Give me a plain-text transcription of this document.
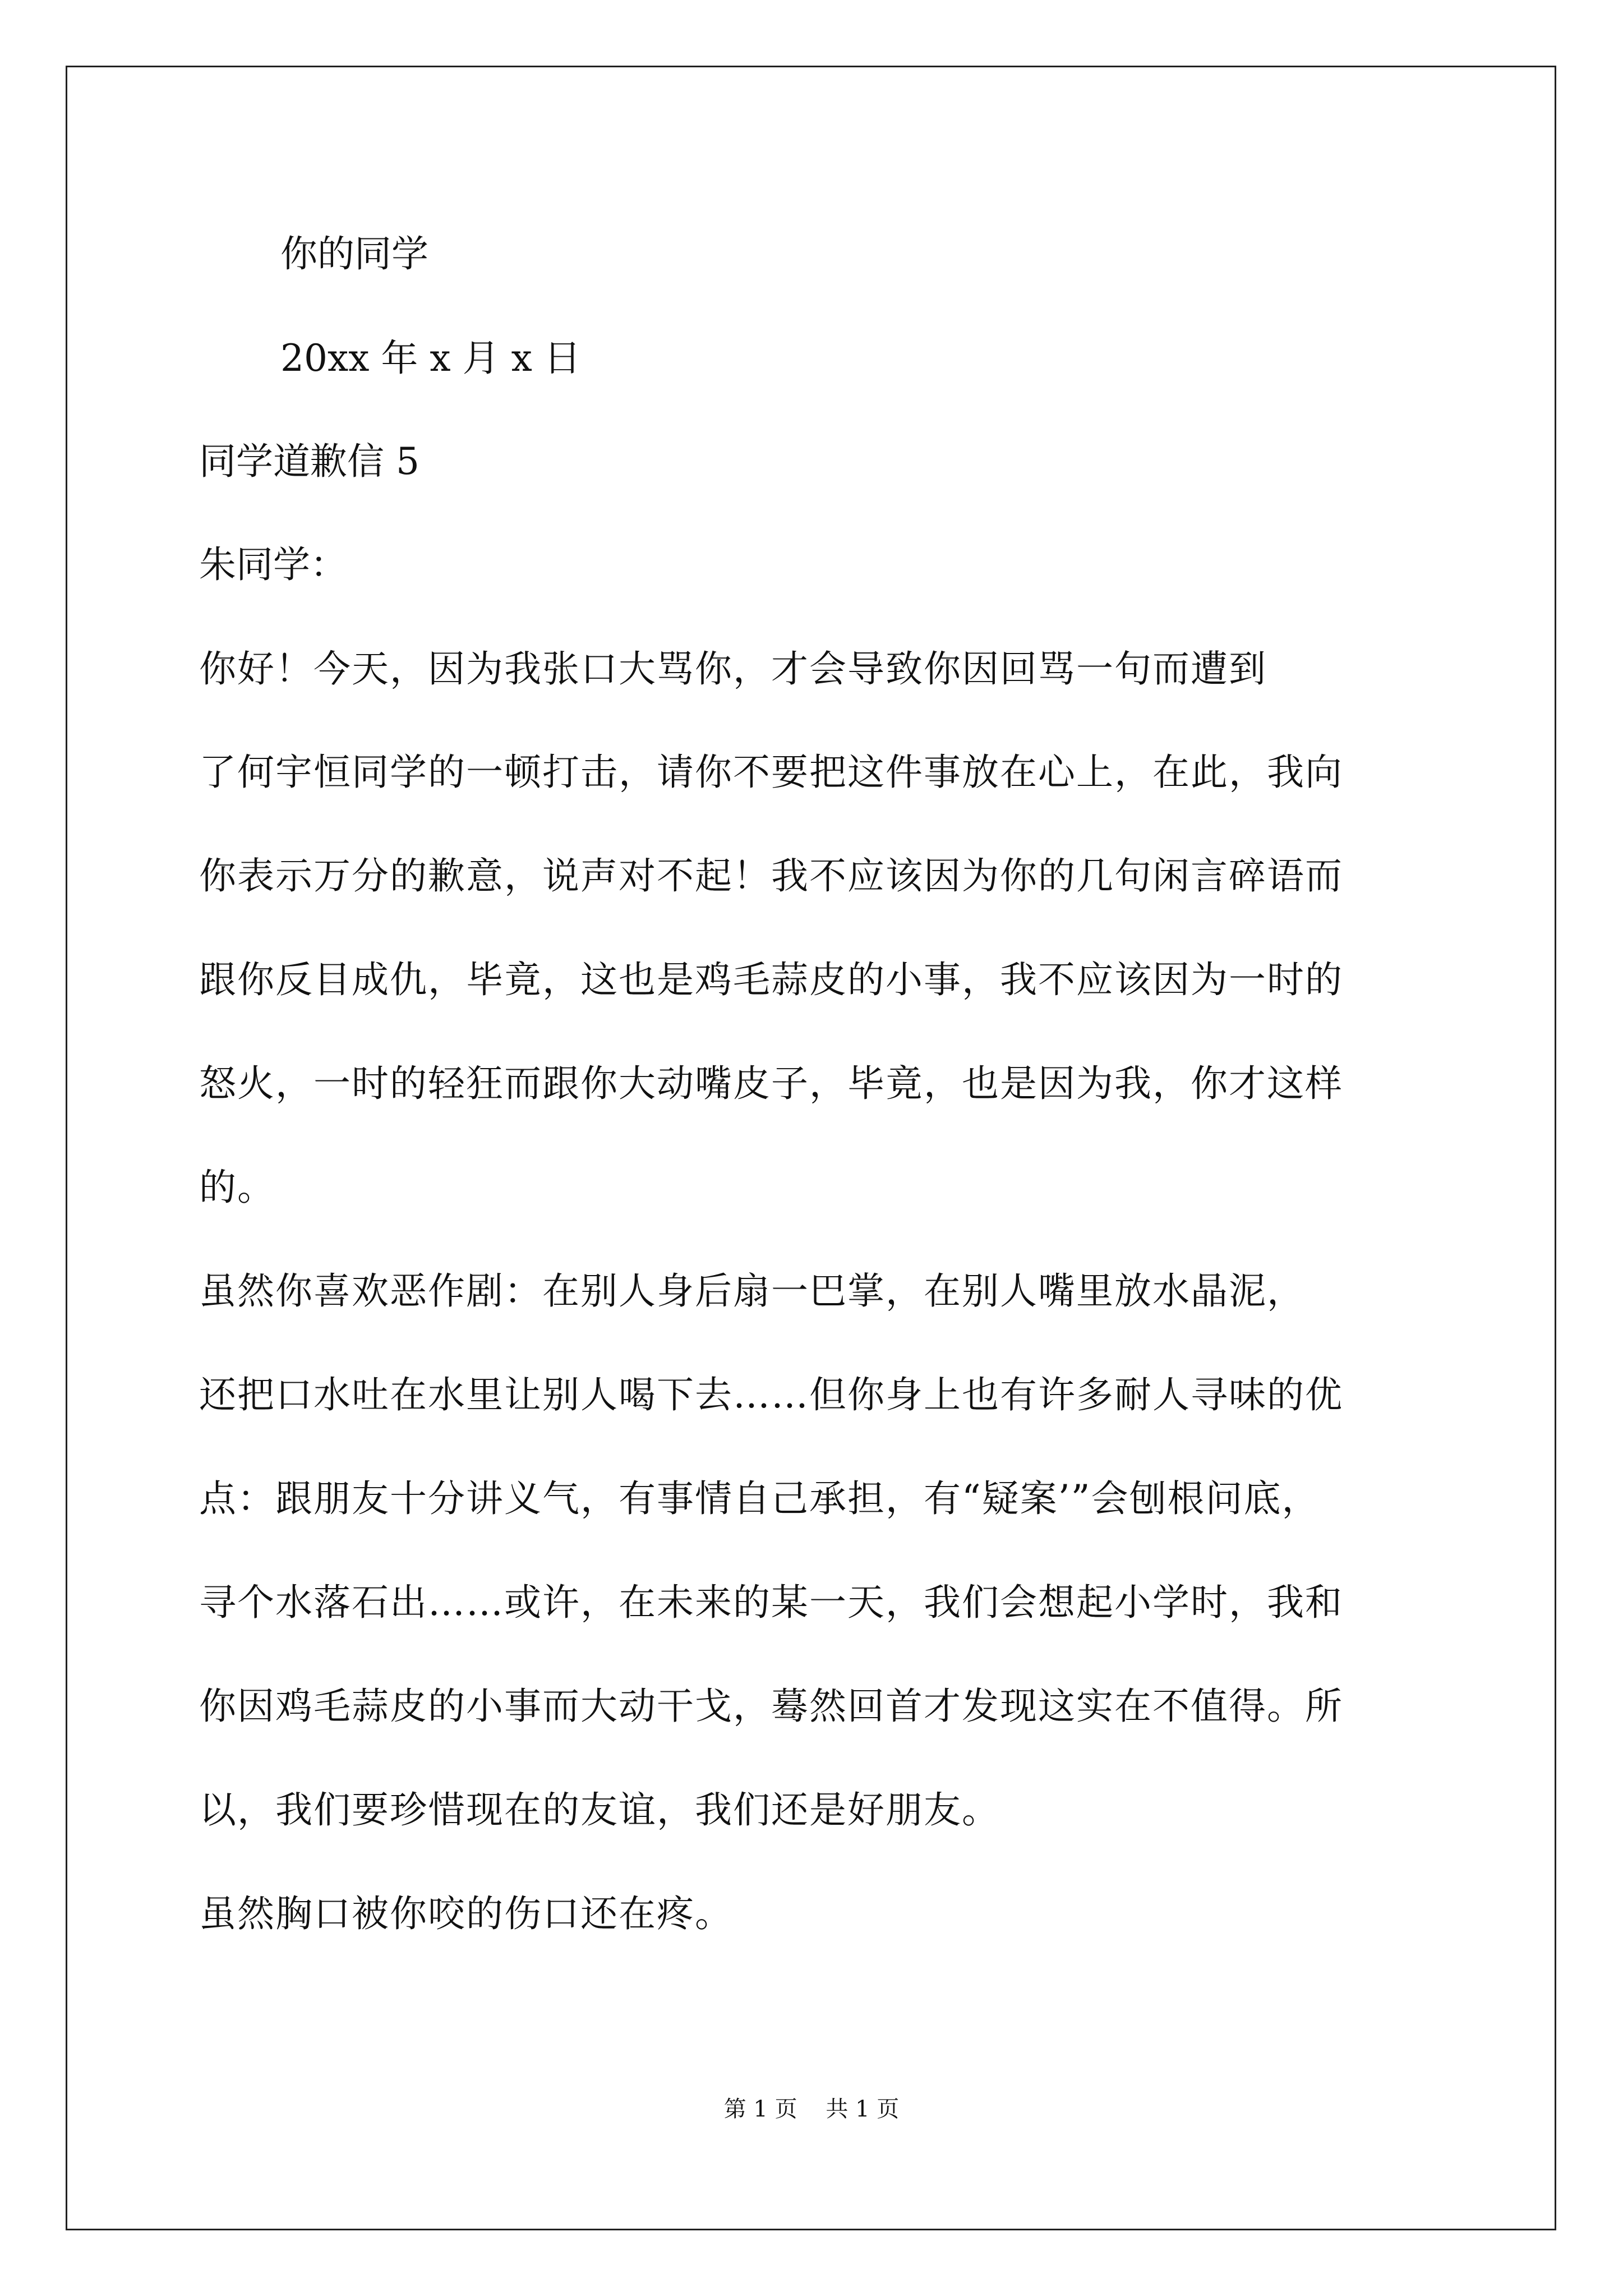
你的同学
20xx 年 x 月 x 日
同学道歉信 5
朱同学：
你好！今天，因为我张口大骂你，才会导致你因回骂一句而遭到
了何宇恒同学的一顿打击，请你不要把这件事放在心上，在此，我向
你表示万分的歉意，说声对不起！我不应该因为你的几句闲言碎语而
跟你反目成仇，毕竟，这也是鸡毛蒜皮的小事，我不应该因为一时的
怒火，一时的轻狂而跟你大动嘴皮子，毕竟，也是因为我，你才这样
的。
虽然你喜欢恶作剧：在别人身后扇一巴掌，在别人嘴里放水晶泥，
还把口水吐在水里让别人喝下去……但你身上也有许多耐人寻味的优
点：跟朋友十分讲义气，有事情自己承担，有“疑案’”会刨根问底，
寻个水落石出……或许，在未来的某一天，我们会想起小学时，我和
你因鸡毛蒜皮的小事而大动干戈，蓦然回首才发现这实在不值得。所
以，我们要珍惜现在的友谊，我们还是好朋友。
虽然胸口被你咬的伤口还在疼。
第 1 页    共 1 页
